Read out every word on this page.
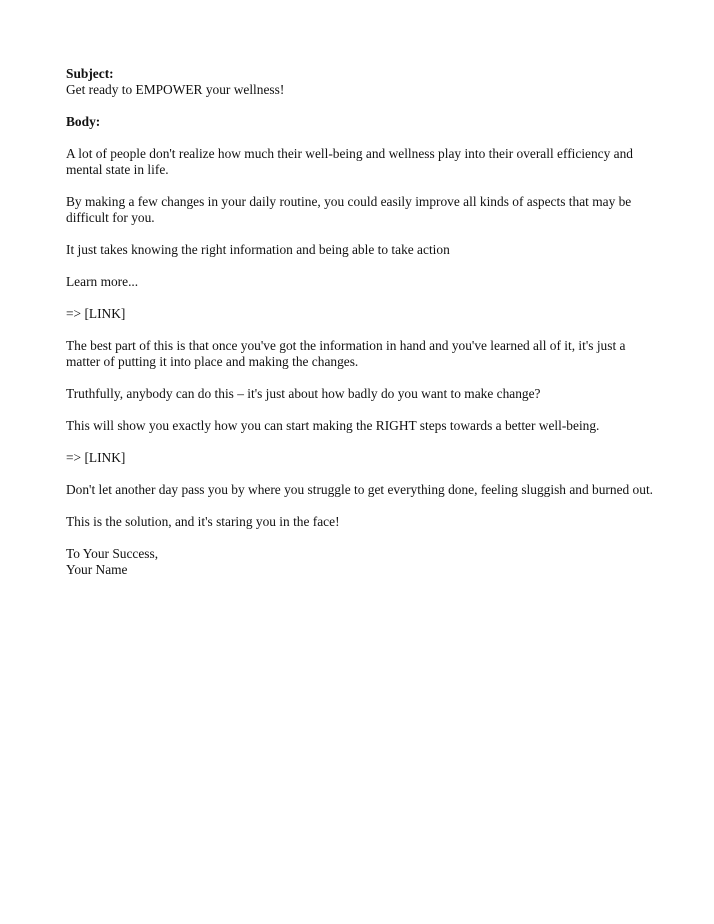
Subject:
Get ready to EMPOWER your wellness!
Body:

A lot of people don't realize how much their well-being and wellness play into their overall efficiency and mental state in life.

By making a few changes in your daily routine, you could easily improve all kinds of aspects that may be difficult for you.

It just takes knowing the right information and being able to take action

Learn more...

=> [LINK]

The best part of this is that once you've got the information in hand and you've learned all of it, it's just a matter of putting it into place and making the changes.

Truthfully, anybody can do this – it's just about how badly do you want to make change?

This will show you exactly how you can start making the RIGHT steps towards a better well-being.

=> [LINK]

Don't let another day pass you by where you struggle to get everything done, feeling sluggish and burned out.

This is the solution, and it's staring you in the face!

To Your Success,
Your Name
